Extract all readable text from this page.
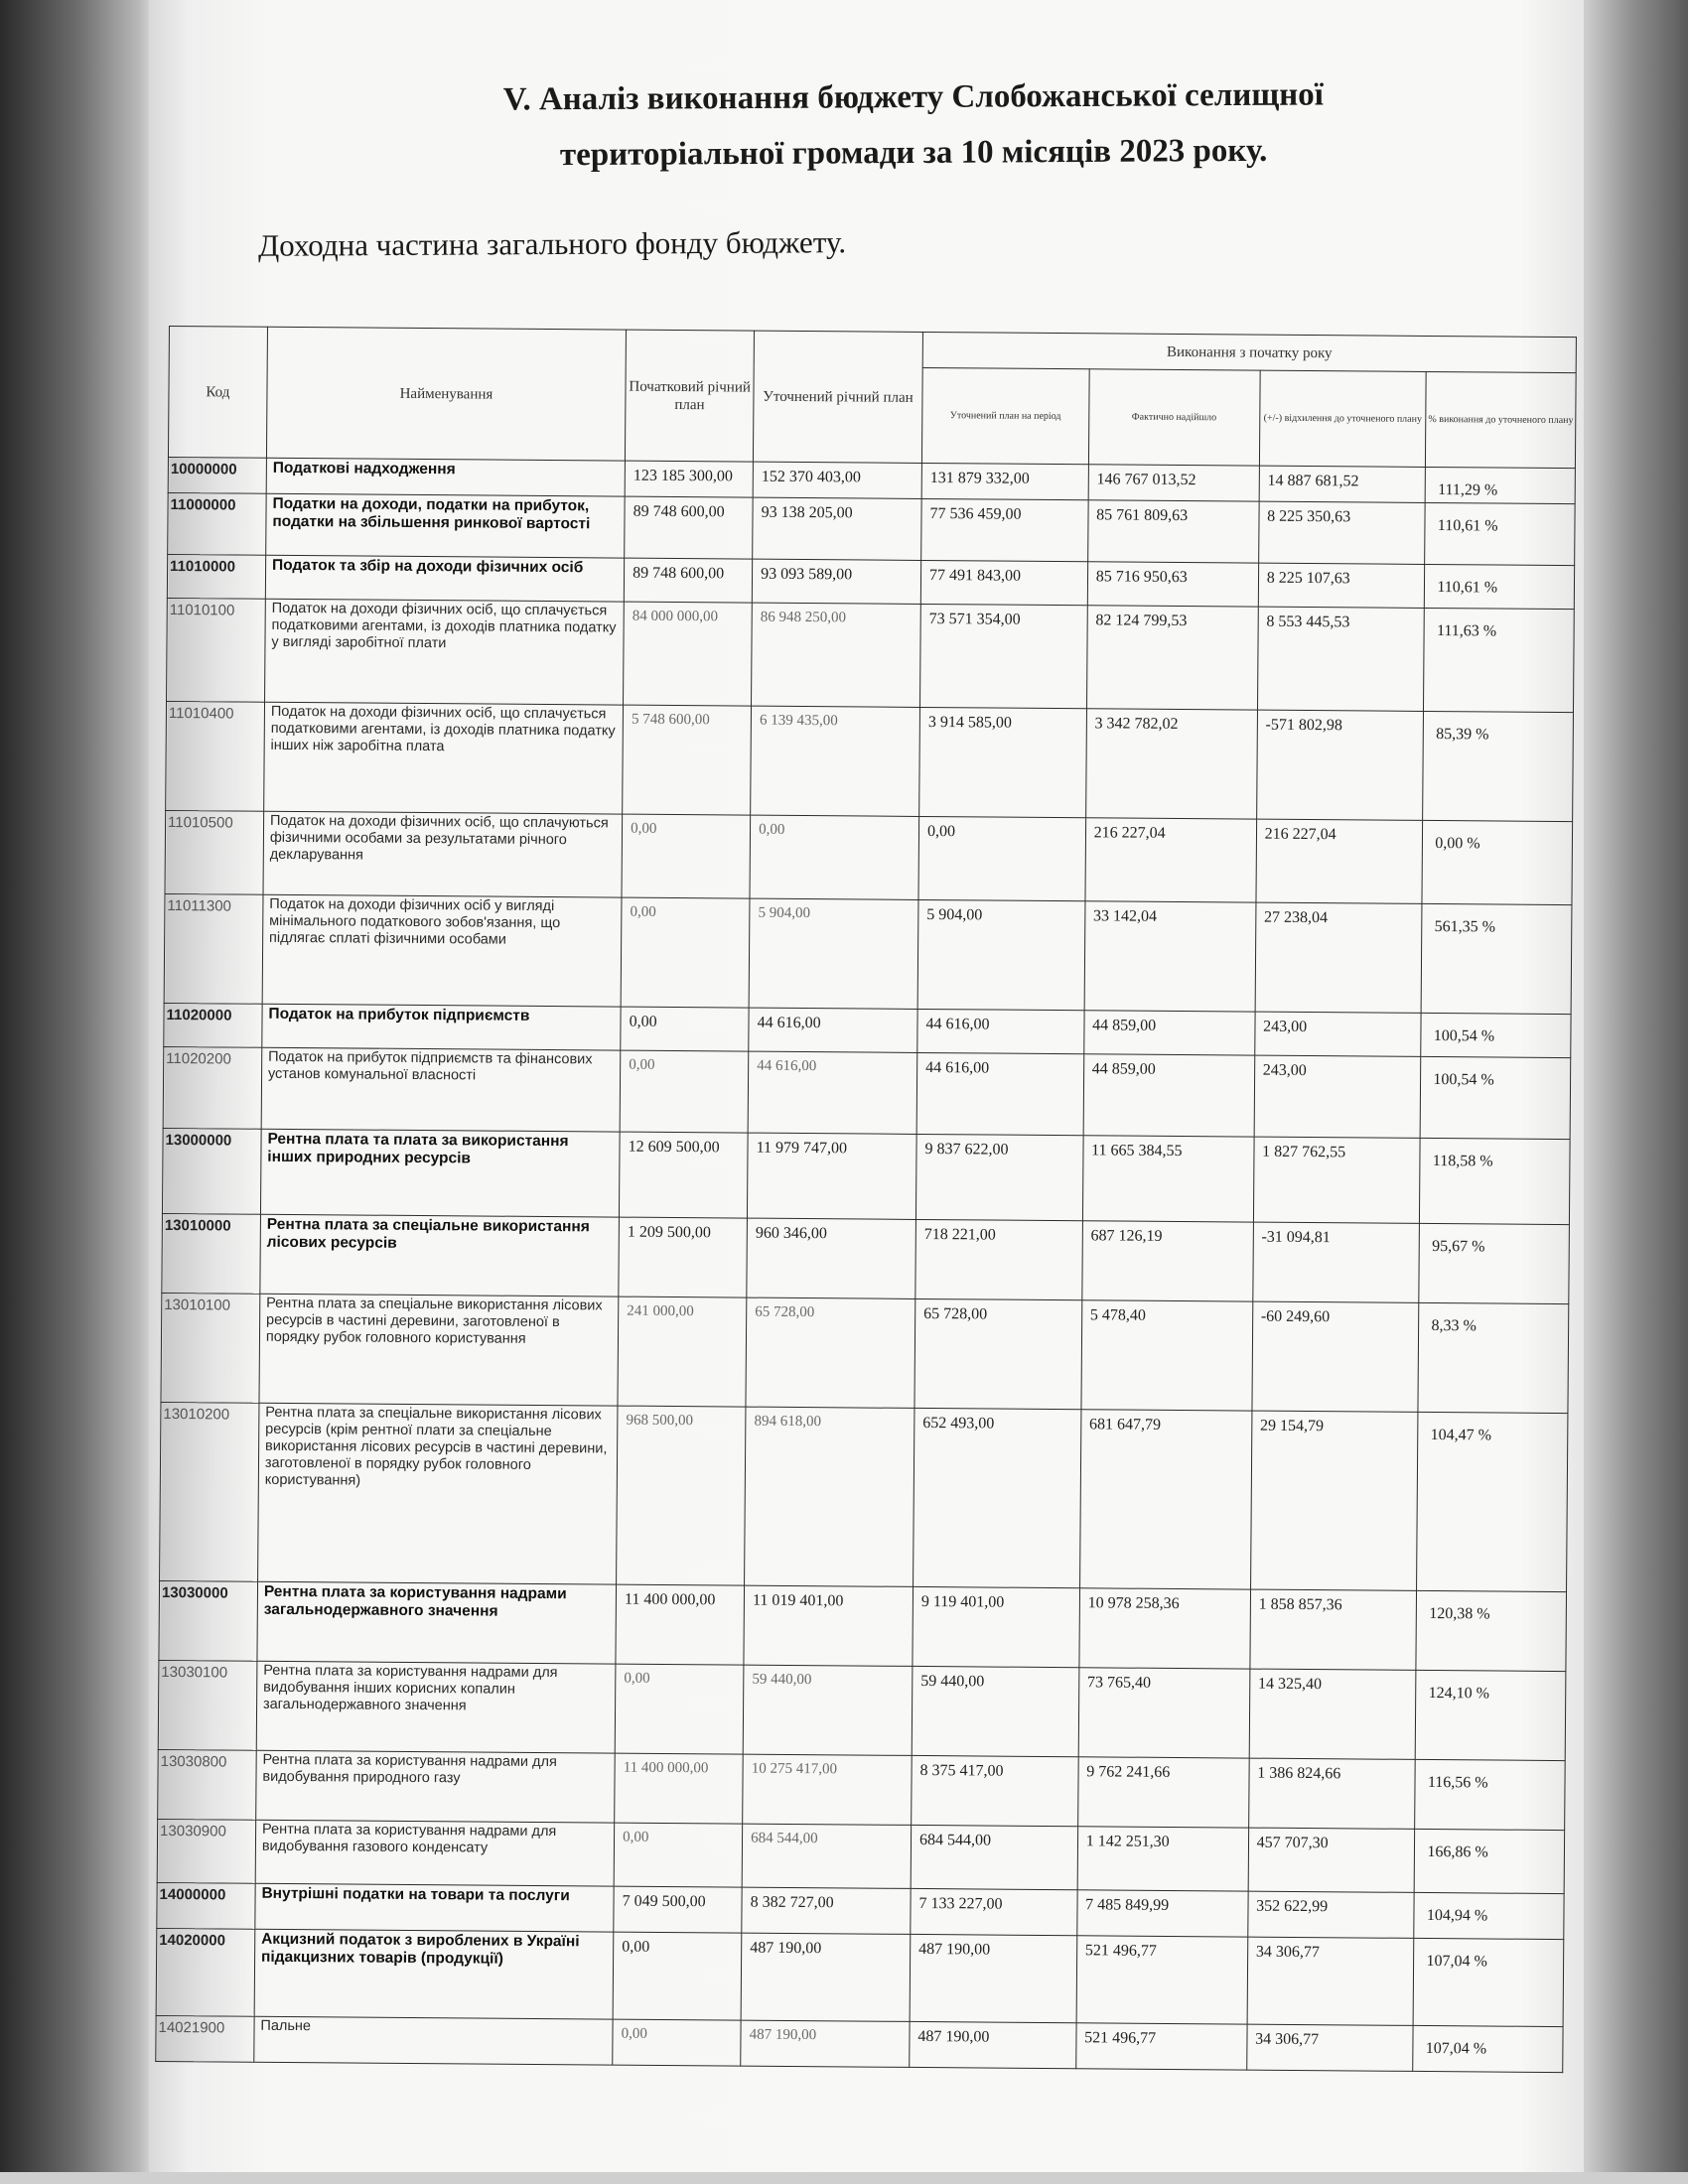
V. Аналіз виконання бюджету Слобожанської селищної
територіальної громади за 10 місяців 2023 року.
Доходна частина загального фонду бюджету.
Код	Найменування	Початковий річний план	Уточнений річний план	Виконання з початку року			
				Уточнений план на період	Фактично надійшло	(+/-) відхилення до уточненого плану	% виконання до уточненого плану
10000000	Податкові надходження	123 185 300,00	152 370 403,00	131 879 332,00	146 767 013,52	14 887 681,52	111,29 %
11000000	Податки на доходи, податки на прибуток, податки на збільшення ринкової вартості	89 748 600,00	93 138 205,00	77 536 459,00	85 761 809,63	8 225 350,63	110,61 %
11010000	Податок та збір на доходи фізичних осіб	89 748 600,00	93 093 589,00	77 491 843,00	85 716 950,63	8 225 107,63	110,61 %
11010100	Податок на доходи фізичних осіб, що сплачується податковими агентами, із доходів платника податку у вигляді заробітної плати	84 000 000,00	86 948 250,00	73 571 354,00	82 124 799,53	8 553 445,53	111,63 %
11010400	Податок на доходи фізичних осіб, що сплачується податковими агентами, із доходів платника податку інших ніж заробітна плата	5 748 600,00	6 139 435,00	3 914 585,00	3 342 782,02	-571 802,98	85,39 %
11010500	Податок на доходи фізичних осіб, що сплачуються фізичними особами за результатами річного декларування	0,00	0,00	0,00	216 227,04	216 227,04	0,00 %
11011300	Податок на доходи фізичних осіб у вигляді мінімального податкового зобов'язання, що підлягає сплаті фізичними особами	0,00	5 904,00	5 904,00	33 142,04	27 238,04	561,35 %
11020000	Податок на прибуток підприємств	0,00	44 616,00	44 616,00	44 859,00	243,00	100,54 %
11020200	Податок на прибуток підприємств та фінансових установ комунальної власності	0,00	44 616,00	44 616,00	44 859,00	243,00	100,54 %
13000000	Рентна плата та плата за використання інших природних ресурсів	12 609 500,00	11 979 747,00	9 837 622,00	11 665 384,55	1 827 762,55	118,58 %
13010000	Рентна плата за спеціальне використання лісових ресурсів	1 209 500,00	960 346,00	718 221,00	687 126,19	-31 094,81	95,67 %
13010100	Рентна плата за спеціальне використання лісових ресурсів в частині деревини, заготовленої в порядку рубок головного користування	241 000,00	65 728,00	65 728,00	5 478,40	-60 249,60	8,33 %
13010200	Рентна плата за спеціальне використання лісових ресурсів (крім рентної плати за спеціальне використання лісових ресурсів в частині деревини, заготовленої в порядку рубок головного користування)	968 500,00	894 618,00	652 493,00	681 647,79	29 154,79	104,47 %
13030000	Рентна плата за користування надрами загальнодержавного значення	11 400 000,00	11 019 401,00	9 119 401,00	10 978 258,36	1 858 857,36	120,38 %
13030100	Рентна плата за користування надрами для видобування інших корисних копалин загальнодержавного значення	0,00	59 440,00	59 440,00	73 765,40	14 325,40	124,10 %
13030800	Рентна плата за користування надрами для видобування природного газу	11 400 000,00	10 275 417,00	8 375 417,00	9 762 241,66	1 386 824,66	116,56 %
13030900	Рентна плата за користування надрами для видобування газового конденсату	0,00	684 544,00	684 544,00	1 142 251,30	457 707,30	166,86 %
14000000	Внутрішні податки на товари та послуги	7 049 500,00	8 382 727,00	7 133 227,00	7 485 849,99	352 622,99	104,94 %
14020000	Акцизний податок з вироблених в Україні підакцизних товарів (продукції)	0,00	487 190,00	487 190,00	521 496,77	34 306,77	107,04 %
14021900	Пальне	0,00	487 190,00	487 190,00	521 496,77	34 306,77	107,04 %
